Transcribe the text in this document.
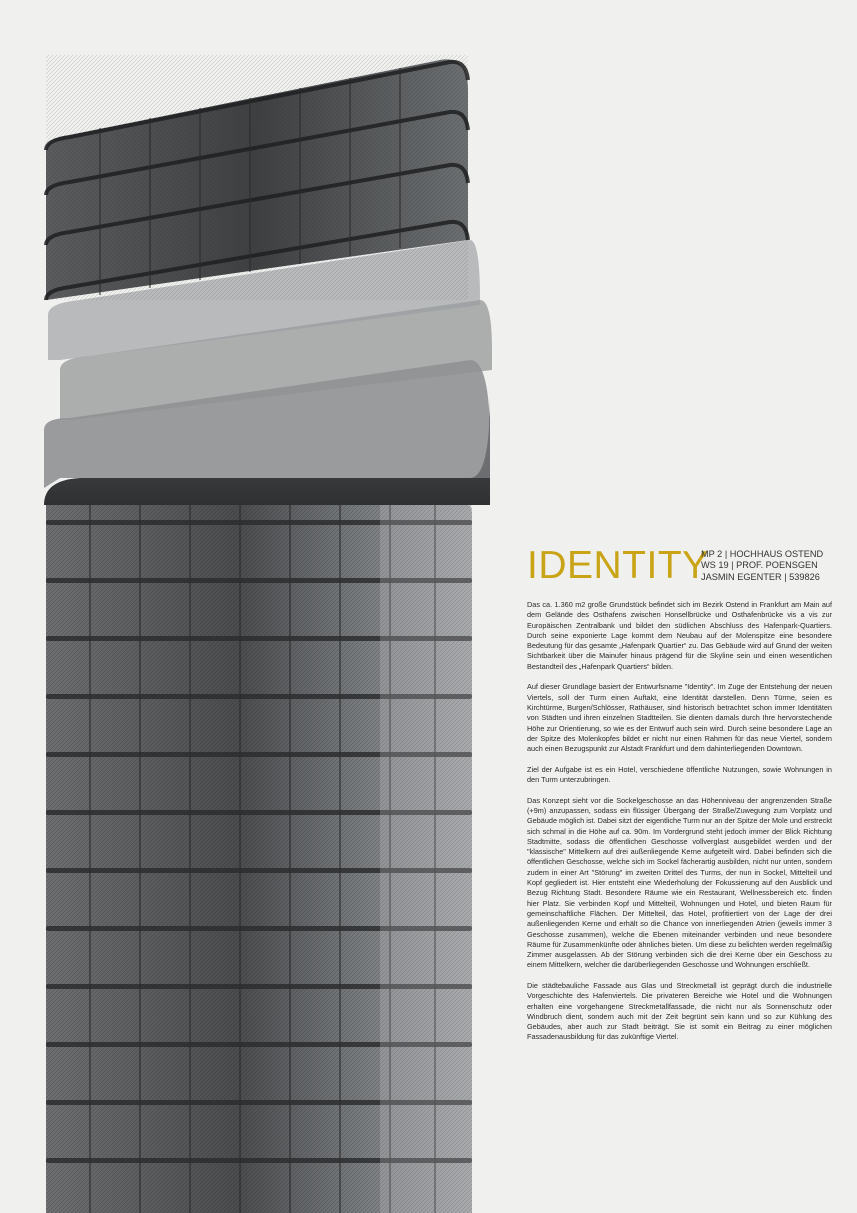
IDENTITY
MP 2 | HOCHHAUS OSTEND
WS 19 | PROF. POENSGEN
JASMIN EGENTER | 539826

Das ca. 1.360 m2 große Grundstück befindet sich im Bezirk Ostend in Frankfurt am Main auf dem Gelände des Osthafens zwischen Honsellbrücke und Osthafenbrücke vis a vis zur Europäischen Zentralbank und bildet den südlichen Abschluss des Hafenpark-Quartiers. Durch seine exponierte Lage kommt dem Neubau auf der Molenspitze eine besondere Bedeutung für das gesamte „Hafenpark Quartier“ zu. Das Gebäude wird auf Grund der weiten Sichtbarkeit über die Mainufer hinaus prägend für die Skyline sein und einen wesentlichen Bestandteil des „Hafenpark Quartiers“ bilden.

Auf dieser Grundlage basiert der Entwurfsname "Identity". Im Zuge der Entstehung der neuen Viertels, soll der Turm einen Auftakt, eine Identität darstellen. Denn Türme, seien es Kirchtürme, Burgen/Schlösser, Rathäuser, sind historisch betrachtet schon immer Identitäten von Städten und ihren einzelnen Stadtteilen. Sie dienten damals durch Ihre hervorstechende Höhe zur Orientierung, so wie es der Entwurf auch sein wird. Durch seine besondere Lage an der Spitze des Molenkopfes bildet er nicht nur einen Rahmen für das neue Viertel, sondern auch einen Bezugspunkt zur Alstadt Frankfurt und dem dahinterliegenden Downtown.

Ziel der Aufgabe ist es ein Hotel, verschiedene öffentliche Nutzungen, sowie Wohnungen in den Turm unterzubringen.

Das Konzept sieht vor die Sockelgeschosse an das Höhenniveau der angrenzenden Straße (+9m) anzupassen, sodass ein flüssiger Übergang der Straße/Zuwegung zum Vorplatz und Gebäude möglich ist. Dabei sitzt der eigentliche Turm nur an der Spitze der Mole und erstreckt sich schmal in die Höhe auf ca. 90m. Im Vordergrund steht jedoch immer der Blick Richtung Stadtmitte, sodass die öffentlichen Geschosse vollverglast ausgebildet werden und der "klassische" Mittelkern auf drei außenliegende Kerne aufgeteilt wird. Dabei befinden sich die öffentlichen Geschosse, welche sich im Sockel fächerartig ausbilden, nicht nur unten, sondern zudem in einer Art "Störung" im zweiten Drittel des Turms, der nun in Sockel, Mittelteil und Kopf gegliedert ist. Hier entsteht eine Wiederholung der Fokussierung auf den Ausblick und Bezug Richtung Stadt. Besondere Räume wie ein Restaurant, Wellnessbereich etc. finden hier Platz. Sie verbinden Kopf und Mittelteil, Wohnungen und Hotel, und bieten Raum für gemeinschaftliche Flächen. Der Mittelteil, das Hotel, profitiertiert von der Lage der drei außenliegenden Kerne und erhält so die Chance von innerliegenden Atrien (jeweils immer 3 Geschosse zusammen), welche die Ebenen miteinander verbinden und neue besondere Räume für Zusammenkünfte oder ähnliches bieten. Um diese zu belichten werden regelmäßig Zimmer ausgelassen. Ab der Störung verbinden sich die drei Kerne über ein Geschoss zu einem Mittelkern, welcher die darüberliegenden Geschosse und Wohnungen erschließt.

Die städtebauliche Fassade aus Glas und Streckmetall ist geprägt durch die industrielle Vorgeschichte des Hafenviertels. Die privateren Bereiche wie Hotel und die Wohnungen erhalten eine vorgehangene Streckmetallfassade, die nicht nur als Sonnenschutz oder Windbruch dient, sondern auch mit der Zeit begrünt sein kann und so zur Kühlung des Gebäudes, aber auch zur Stadt beiträgt. Sie ist somit ein Beitrag zu einer möglichen Fassadenausbildung für das zukünftige Viertel.
